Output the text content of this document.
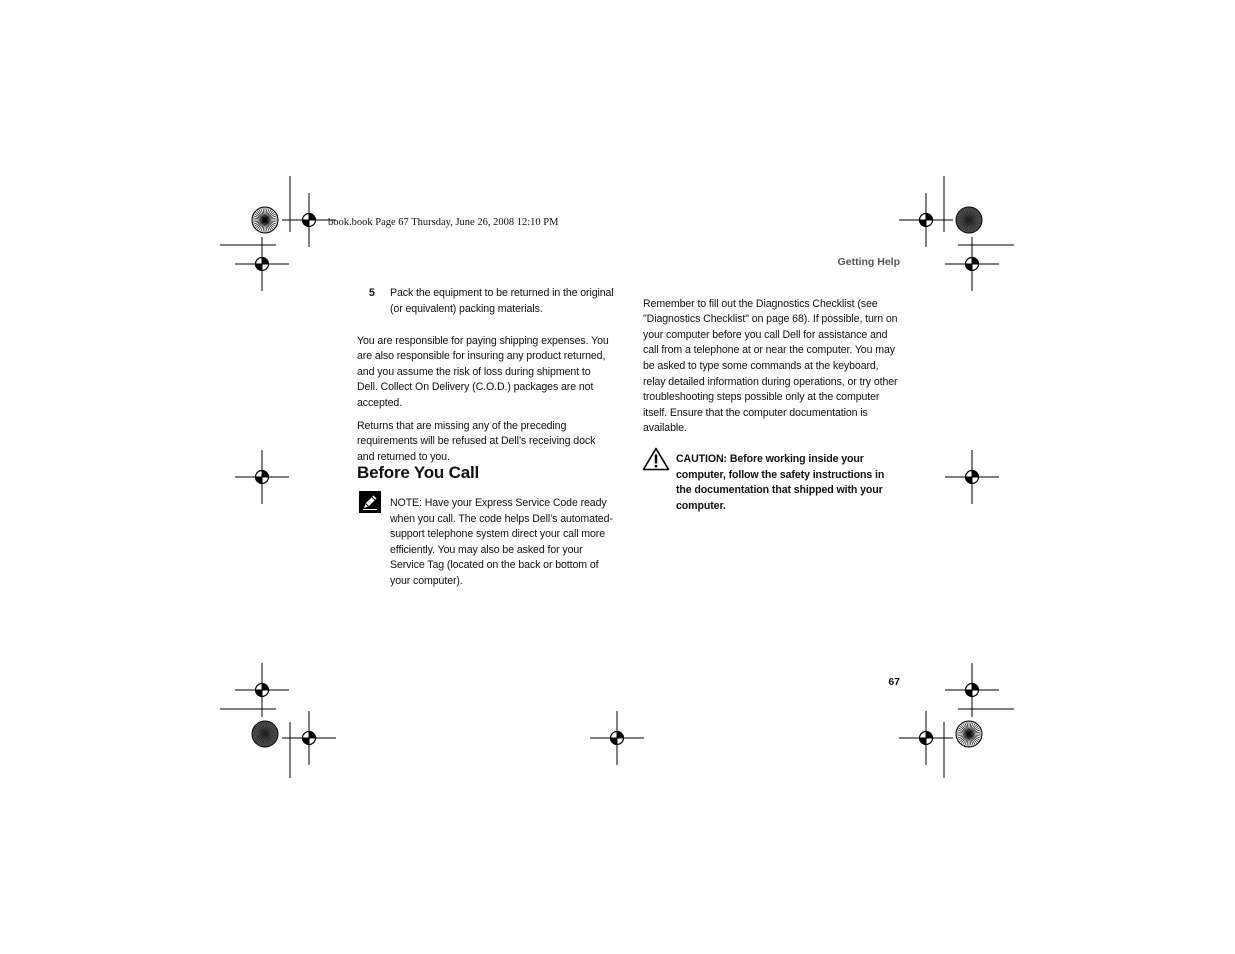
book.book Page 67 Thursday, June 26, 2008 12:10 PM
Getting Help
5 Pack the equipment to be returned in the original (or equivalent) packing materials.

You are responsible for paying shipping expenses. You are also responsible for insuring any product returned, and you assume the risk of loss during shipment to Dell. Collect On Delivery (C.O.D.) packages are not accepted.

Returns that are missing any of the preceding requirements will be refused at Dell’s receiving dock and returned to you.

Before You Call
NOTE: Have your Express Service Code ready when you call. The code helps Dell’s automated-support telephone system direct your call more efficiently. You may also be asked for your Service Tag (located on the back or bottom of your computer).

Remember to fill out the Diagnostics Checklist (see "Diagnostics Checklist" on page 68). If possible, turn on your computer before you call Dell for assistance and call from a telephone at or near the computer. You may be asked to type some commands at the keyboard, relay detailed information during operations, or try other troubleshooting steps possible only at the computer itself. Ensure that the computer documentation is available.

CAUTION: Before working inside your computer, follow the safety instructions in the documentation that shipped with your computer.
67
